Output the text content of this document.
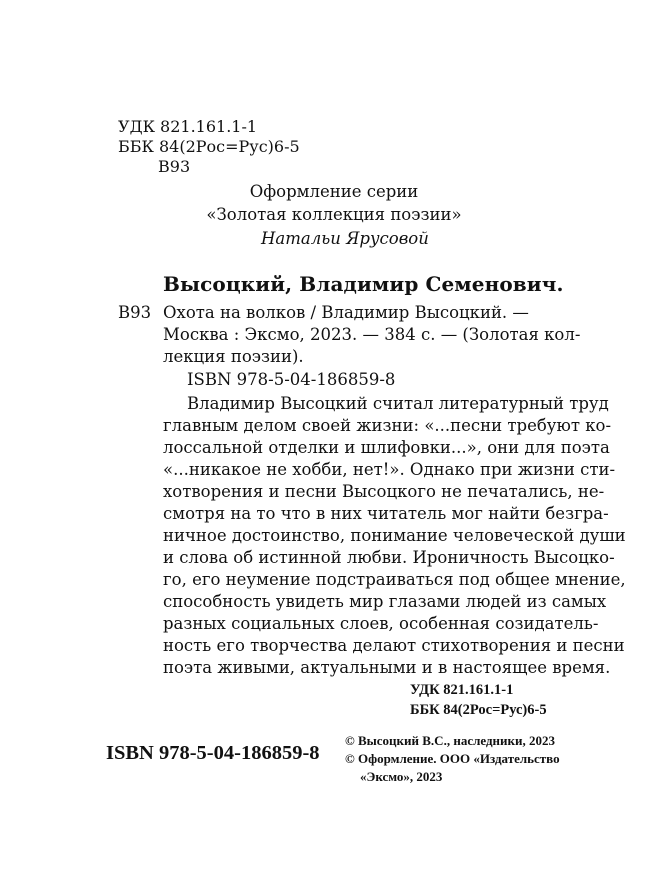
УДК 821.161.1-1
ББК 84(2Рос=Рус)6-5
В93
Оформление серии
«Золотая коллекция поэзии»
Натальи Ярусовой
Высоцкий, Владимир Семенович.
В93 Охота на волков / Владимир Высоцкий. —
Москва : Эксмо, 2023. — 384 с. — (Золотая кол-
лекция поэзии).
ISBN 978-5-04-186859-8
Владимир Высоцкий считал литературный труд
главным делом своей жизни: «...песни требуют ко-
лоссальной отделки и шлифовки...», они для поэта
«...никакое не хобби, нет!». Однако при жизни сти-
хотворения и песни Высоцкого не печатались, не-
смотря на то что в них читатель мог найти безгра-
ничное достоинство, понимание человеческой души
и слова об истинной любви. Ироничность Высоцко-
го, его неумение подстраиваться под общее мнение,
способность увидеть мир глазами людей из самых
разных социальных слоев, особенная созидатель-
ность его творчества делают стихотворения и песни
поэта живыми, актуальными и в настоящее время.
УДК 821.161.1-1
ББК 84(2Рос=Рус)6-5
ISBN 978-5-04-186859-8
© Высоцкий В.С., наследники, 2023
© Оформление. ООО «Издательство
«Эксмо», 2023
